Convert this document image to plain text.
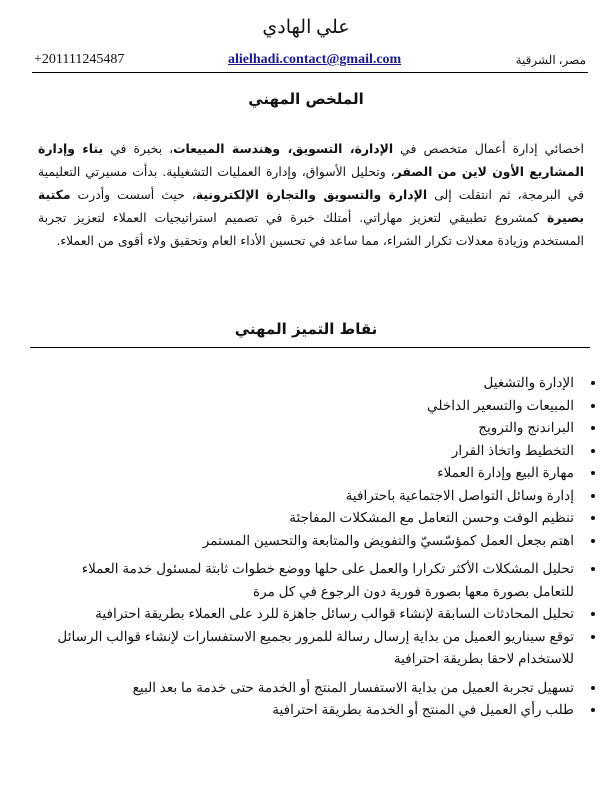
علي الهادي
+201111245487	alielhadi.contact@gmail.com	مصر، الشرقية
الملخص المهني

اخصائي إدارة أعمال متخصص في الإدارة، التسويق، وهندسة المبيعات، بخبرة في بناء وإدارة المشاريع الأون لاين من الصفر، وتحليل الأسواق، وإدارة العمليات التشغيلية. بدأت مسيرتي التعليمية في البرمجة، ثم انتقلت إلى الإدارة والتسويق والتجارة الإلكترونية، حيث أسست وأدرت مكتبة بصيرة كمشروع تطبيقي لتعزيز مهاراتي. أمتلك خبرة في تصميم استراتيجيات العملاء لتعزيز تجربة المستخدم وزيادة معدلات تكرار الشراء، مما ساعد في تحسين الأداء العام وتحقيق ولاء أقوى من العملاء.

نقاط التميز المهني
• الإدارة والتشغيل
• المبيعات والتسعير الداخلي
• البراندنج والترويج
• التخطيط واتخاذ القرار
• مهارة البيع وإدارة العملاء
• إدارة وسائل التواصل الاجتماعية باحترافية
• تنظيم الوقت وحسن التعامل مع المشكلات المفاجئة
• اهتم بجعل العمل كمؤسّسيّ والتفويض والمتابعة والتحسين المستمر
• تحليل المشكلات الأكثر تكرارا والعمل على حلها ووضع خطوات ثابتة لمسئول خدمة العملاء للتعامل بصورة معها بصورة فورية دون الرجوع في كل مرة
• تحليل المحادثات السابقة لإنشاء قوالب رسائل جاهزة للرد على العملاء بطريقة احترافية
• توقع سيناريو العميل من بداية إرسال رسالة للمرور بجميع الاستفسارات لإنشاء قوالب الرسائل للاستخدام لاحقا بطريقة احترافية
• تسهيل تجربة العميل من بداية الاستفسار المنتج أو الخدمة حتى خدمة ما بعد البيع
• طلب رأي العميل في المنتج أو الخدمة بطريقة احترافية
